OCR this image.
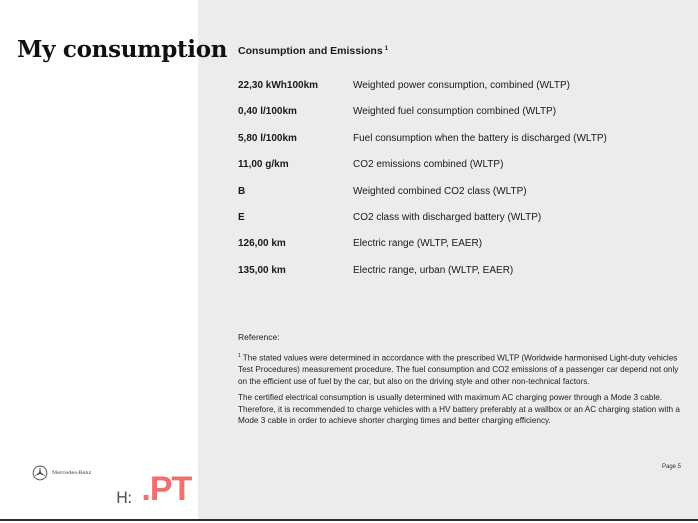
My consumption
Mercedes-Benz
H: .PT
Consumption and Emissions $^1$
22,30 kWh100km	Weighted power consumption, combined (WLTP)
0,40 l/100km	Weighted fuel consumption combined (WLTP)
5,80 l/100km	Fuel consumption when the battery is discharged (WLTP)
11,00 g/km	CO2 emissions combined (WLTP)
B	Weighted combined CO2 class (WLTP)
E	CO2 class with discharged battery (WLTP)
126,00 km	Electric range (WLTP, EAER)
135,00 km	Electric range, urban (WLTP, EAER)
Reference:

$^1$ The stated values were determined in accordance with the prescribed WLTP (Worldwide harmonised Light-duty vehicles Test Procedures) measurement procedure. The fuel consumption and CO2 emissions of a passenger car depend not only on the efficient use of fuel by the car, but also on the driving style and other non-technical factors.

The certified electrical consumption is usually determined with maximum AC charging power through a Mode 3 cable. Therefore, it is recommended to charge vehicles with a HV battery preferably at a wallbox or an AC charging station with a Mode 3 cable in order to achieve shorter charging times and better charging efficiency.

Page 5
